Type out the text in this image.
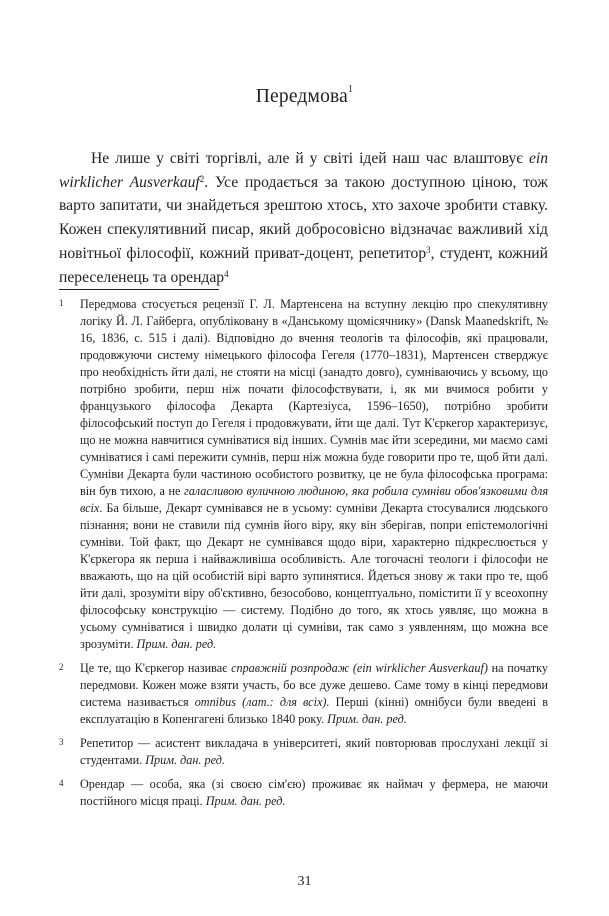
Передмова$^1$

Не лише у світі торгівлі, але й у світі ідей наш час влаштовує ein wirklicher Ausverkauf$^2$. Усе продається за такою доступною ціною, тож варто запитати, чи знайдеться зрештою хтось, хто захоче зробити ставку. Кожен спекулятивний писар, який добросовісно відзначає важливий хід новітньої філософії, кожний приват-доцент, репетитор$^3$, студент, кожний переселенець та орендар$^4$

1 Передмова стосується рецензії Г. Л. Мартенсена на вступну лекцію про спекулятивну логіку Й. Л. Гайберга, опубліковану в «Данському щомісячнику» (Dansk Maanedskrift, № 16, 1836, с. 515 і далі). Відповідно до вчення теологів та філософів, які працювали, продовжуючи систему німецького філософа Гегеля (1770–1831), Мартенсен стверджує про необхідність йти далі, не стояти на місці (занадто довго), сумніваючись у всьому, що потрібно зробити, перш ніж почати філософствувати, і, як ми вчимося робити у французького філософа Декарта (Картезіуса, 1596–1650), потрібно зробити філософський поступ до Гегеля і продовжувати, йти ще далі. Тут К'єркегор характеризує, що не можна навчитися сумніватися від інших. Сумнів має йти зсередини, ми маємо самі сумніватися і самі пережити сумнів, перш ніж можна буде говорити про те, щоб йти далі. Сумніви Декарта були частиною особистого розвитку, це не була філософська програма: він був тихою, а не галасливою вуличною людиною, яка робила сумніви обов'язковими для всіх. Ба більше, Декарт сумнівався не в усьому: сумніви Декарта стосувалися людського пізнання; вони не ставили під сумнів його віру, яку він зберігав, попри епістемологічні сумніви. Той факт, що Декарт не сумнівався щодо віри, характерно підкреслюється у К'єркегора як перша і найважливіша особливість. Але тогочасні теологи і філософи не вважають, що на цій особистій вірі варто зупинятися. Йдеться знову ж таки про те, щоб йти далі, зрозуміти віру об'єктивно, безособово, концептуально, помістити її у всеохопну філософську конструкцію — систему. Подібно до того, як хтось уявляє, що можна в усьому сумніватися і швидко долати ці сумніви, так само з уявленням, що можна все зрозуміти. Прим. дан. ред.
2 Це те, що К'єркегор називає справжній розпродаж (ein wirklicher Ausverkauf) на початку передмови. Кожен може взяти участь, бо все дуже дешево. Саме тому в кінці передмови система називається omnibus (лат.: для всіх). Перші (кінні) омнібуси були введені в експлуатацію в Копенгагені близько 1840 року. Прим. дан. ред.
3 Репетитор — асистент викладача в університеті, який повторював прослухані лекції зі студентами. Прим. дан. ред.
4 Орендар — особа, яка (зі своєю сім'єю) проживає як наймач у фермера, не маючи постійного місця праці. Прим. дан. ред.
31
